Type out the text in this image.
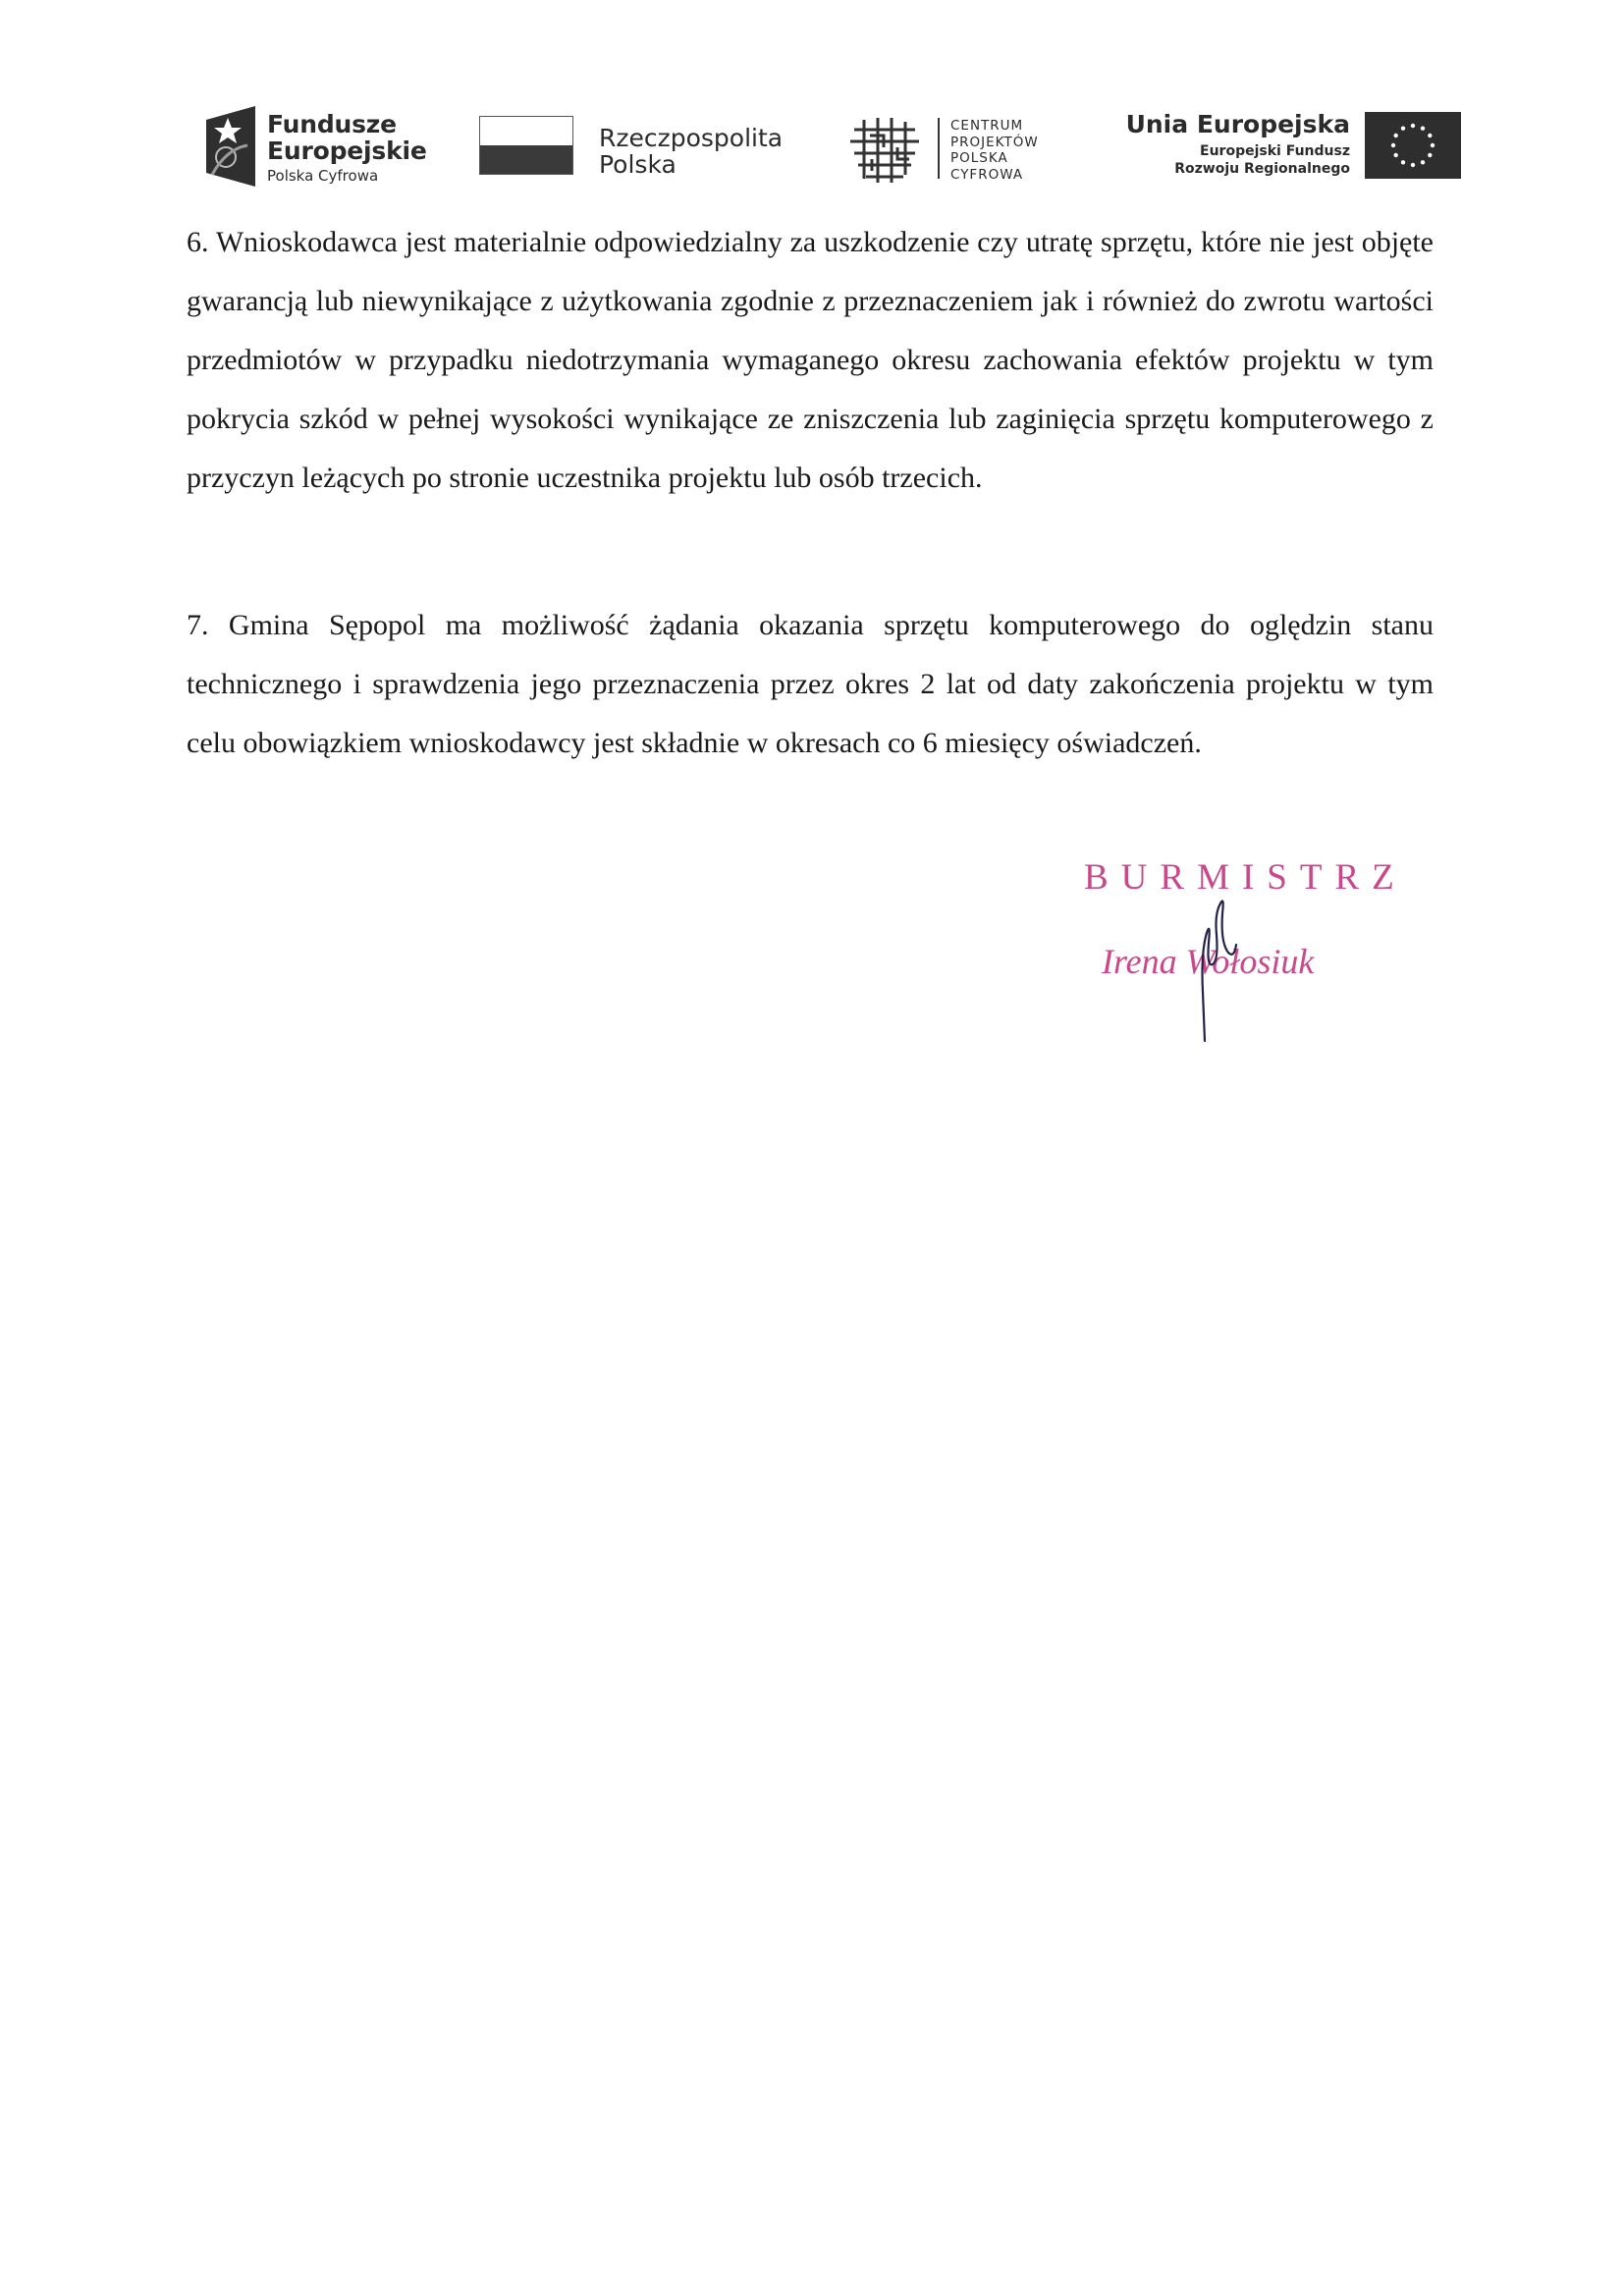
Fundusze
Europejskie
Polska Cyfrowa
Rzeczpospolita
Polska
CENTRUM
PROJEKTÓW
POLSKA
CYFROWA
Unia Europejska
Europejski Fundusz
Rozwoju Regionalnego

6. Wnioskodawca jest materialnie odpowiedzialny za uszkodzenie czy utratę sprzętu, które nie jest objęte gwarancją lub niewynikające z użytkowania zgodnie z przeznaczeniem jak i również do zwrotu wartości przedmiotów w przypadku niedotrzymania wymaganego okresu zachowania efektów projektu w tym pokrycia szkód w pełnej wysokości wynikające ze zniszczenia lub zaginięcia sprzętu komputerowego z przyczyn leżących po stronie uczestnika projektu lub osób trzecich.

7. Gmina Sępopol ma możliwość żądania okazania sprzętu komputerowego do oględzin stanu technicznego i sprawdzenia jego przeznaczenia przez okres 2 lat od daty zakończenia projektu w tym celu obowiązkiem wnioskodawcy jest składnie w okresach co 6 miesięcy oświadczeń.

BURMISTRZ
Irena Wołosiuk
